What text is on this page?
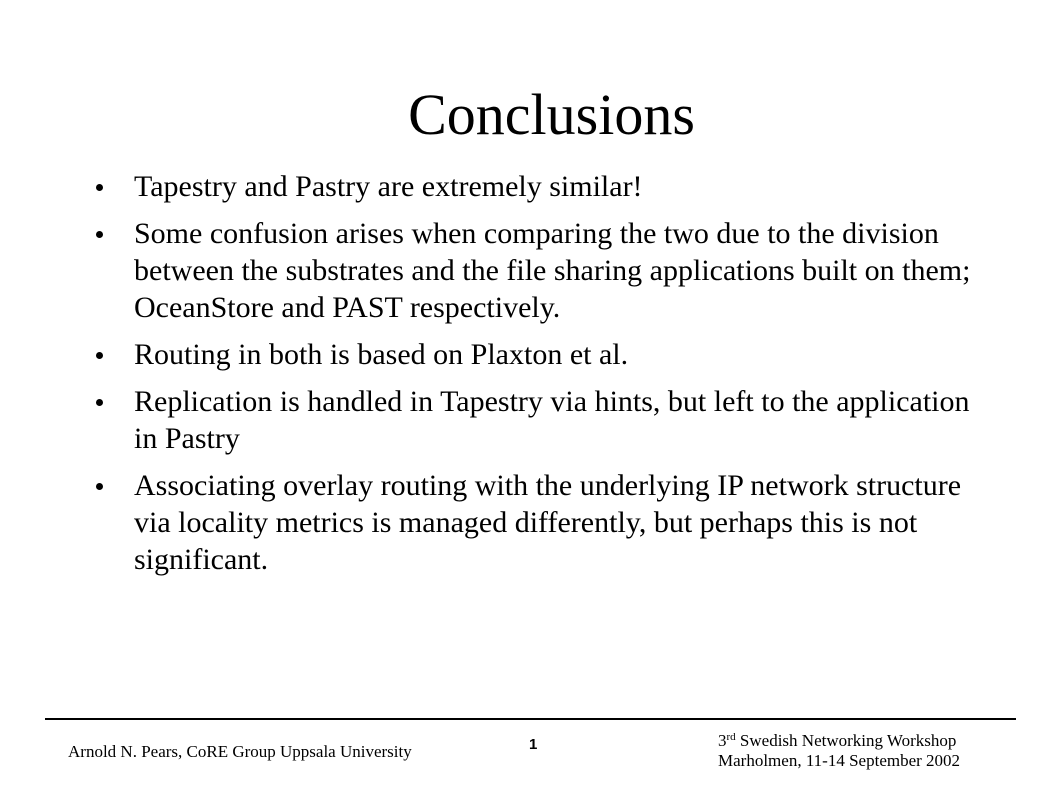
Conclusions
Tapestry and Pastry are extremely similar!
Some confusion arises when comparing the two due to the division between the substrates and the file sharing applications built on them; OceanStore and PAST respectively.
Routing in both is based on Plaxton et al.
Replication is handled in Tapestry via hints, but left to the application in Pastry
Associating overlay routing with the underlying IP network structure via locality metrics is managed differently, but perhaps this is not significant.
Arnold N. Pears, CoRE Group Uppsala University	1	3rd Swedish Networking Workshop
Marholmen, 11-14 September 2002
